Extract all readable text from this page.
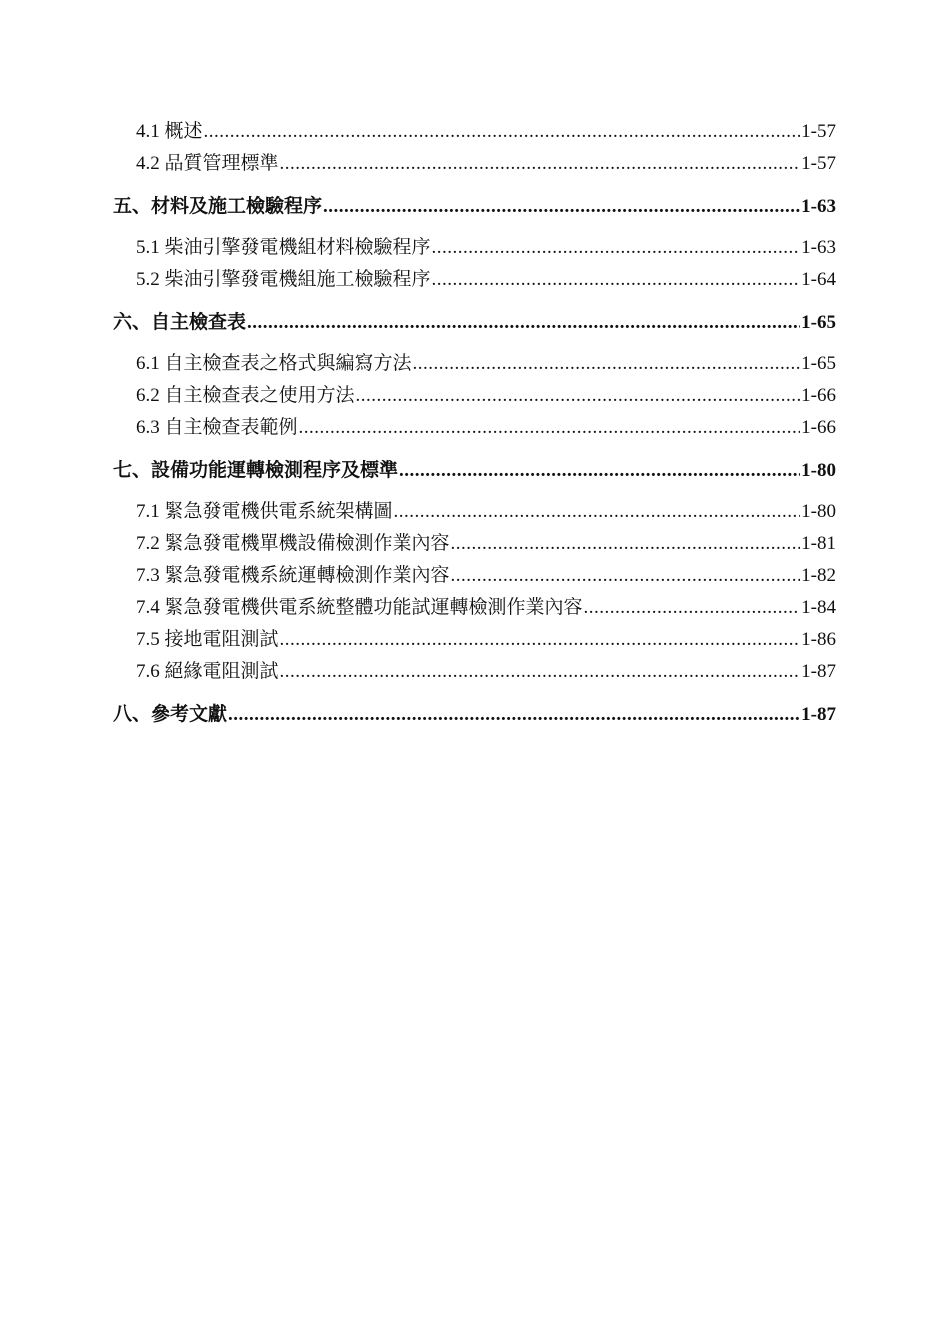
4.1 概述 .....	1-57
4.2 品質管理標準 .....	1-57
五、材料及施工檢驗程序 .....	1-63
5.1 柴油引擎發電機組材料檢驗程序 .....	1-63
5.2 柴油引擎發電機組施工檢驗程序 .....	1-64
六、自主檢查表 .....	1-65
6.1 自主檢查表之格式與編寫方法 .....	1-65
6.2 自主檢查表之使用方法 .....	1-66
6.3 自主檢查表範例 .....	1-66
七、設備功能運轉檢測程序及標準 .....	1-80
7.1 緊急發電機供電系統架構圖 .....	1-80
7.2 緊急發電機單機設備檢測作業內容 .....	1-81
7.3 緊急發電機系統運轉檢測作業內容 .....	1-82
7.4 緊急發電機供電系統整體功能試運轉檢測作業內容 .....	1-84
7.5 接地電阻測試 .....	1-86
7.6 絕緣電阻測試 .....	1-87
八、參考文獻 .....	1-87
